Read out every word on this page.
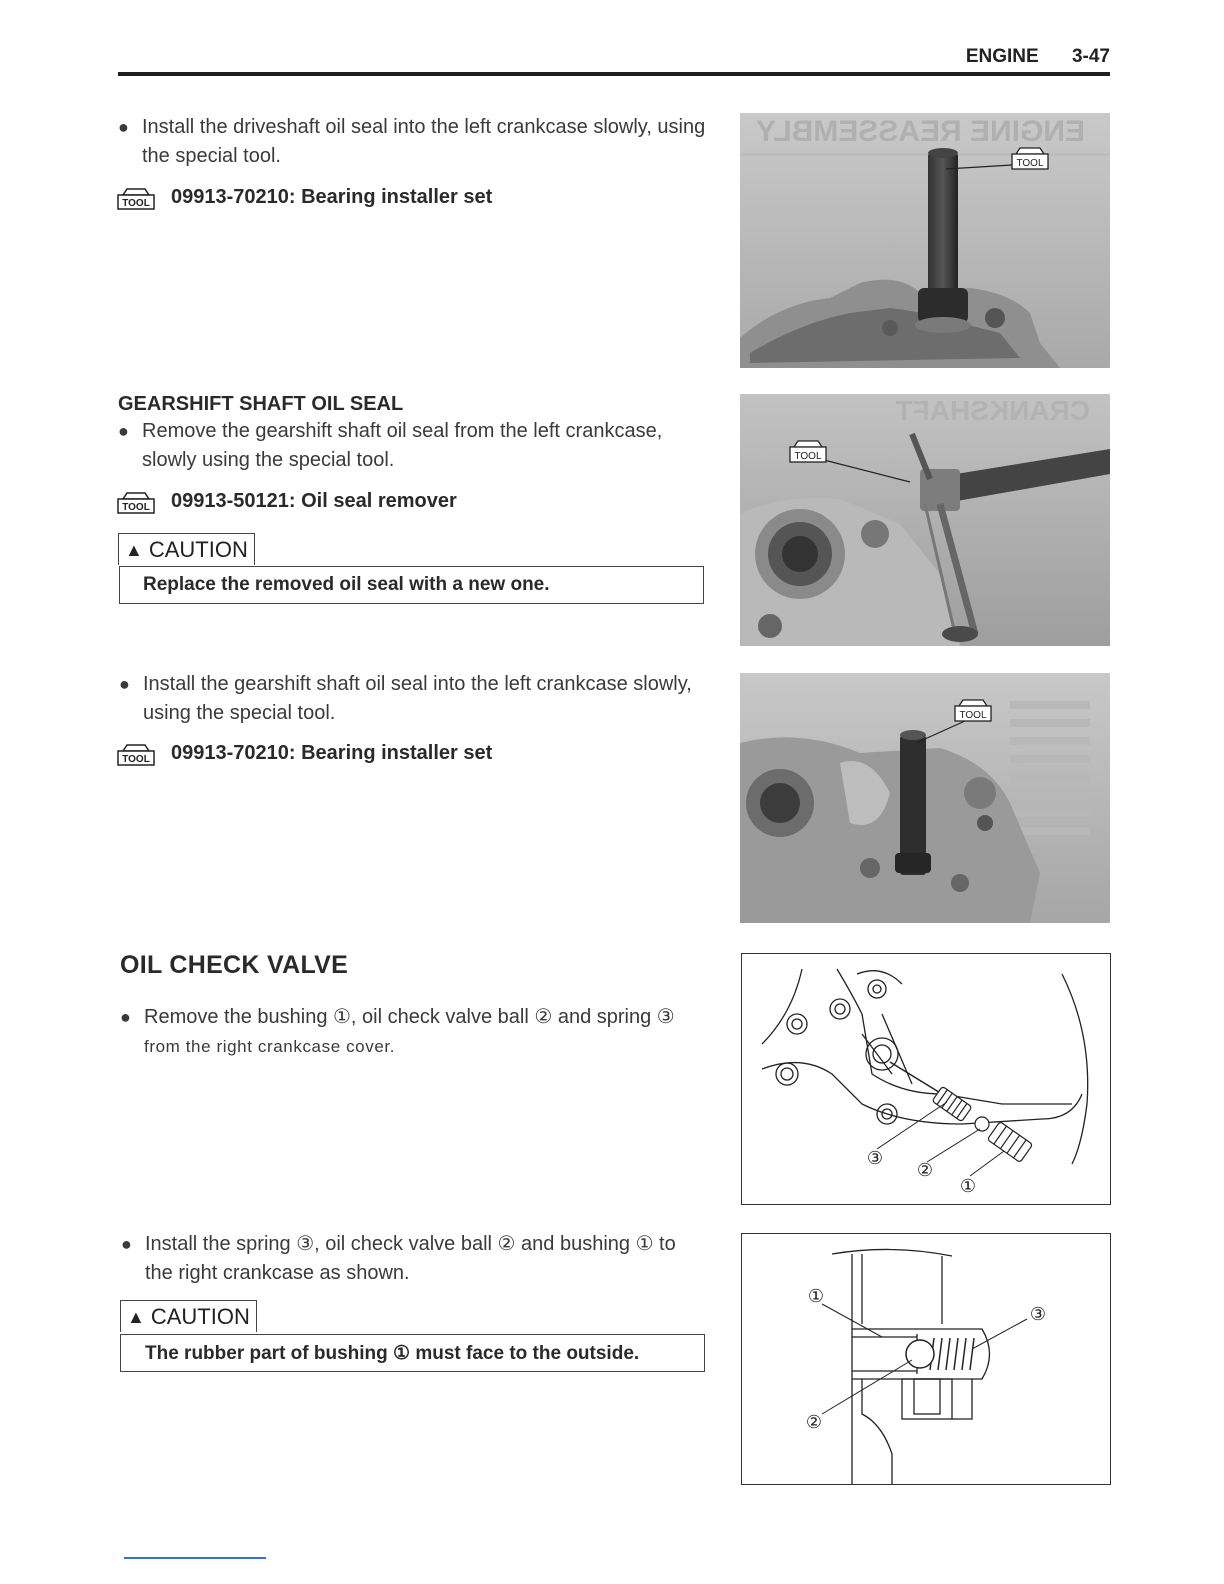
ENGINE 3-47
● Install the driveshaft oil seal into the left crankcase slowly, using the special tool.
TOOL 09913-70210: Bearing installer set
GEARSHIFT SHAFT OIL SEAL
● Remove the gearshift shaft oil seal from the left crankcase, slowly using the special tool.
TOOL 09913-50121: Oil seal remover
▲ CAUTION
Replace the removed oil seal with a new one.
● Install the gearshift shaft oil seal into the left crankcase slowly, using the special tool.
TOOL 09913-70210: Bearing installer set
OIL CHECK VALVE
● Remove the bushing ①, oil check valve ball ② and spring ③
from the right crankcase cover.
● Install the spring ③, oil check valve ball ② and bushing ① to
the right crankcase as shown.
▲ CAUTION
The rubber part of bushing ① must face to the outside.
ENGINE REASSEMBLY
TOOL
CRANKSHAFT
TOOL
TOOL
③
②
①
①
③
②
